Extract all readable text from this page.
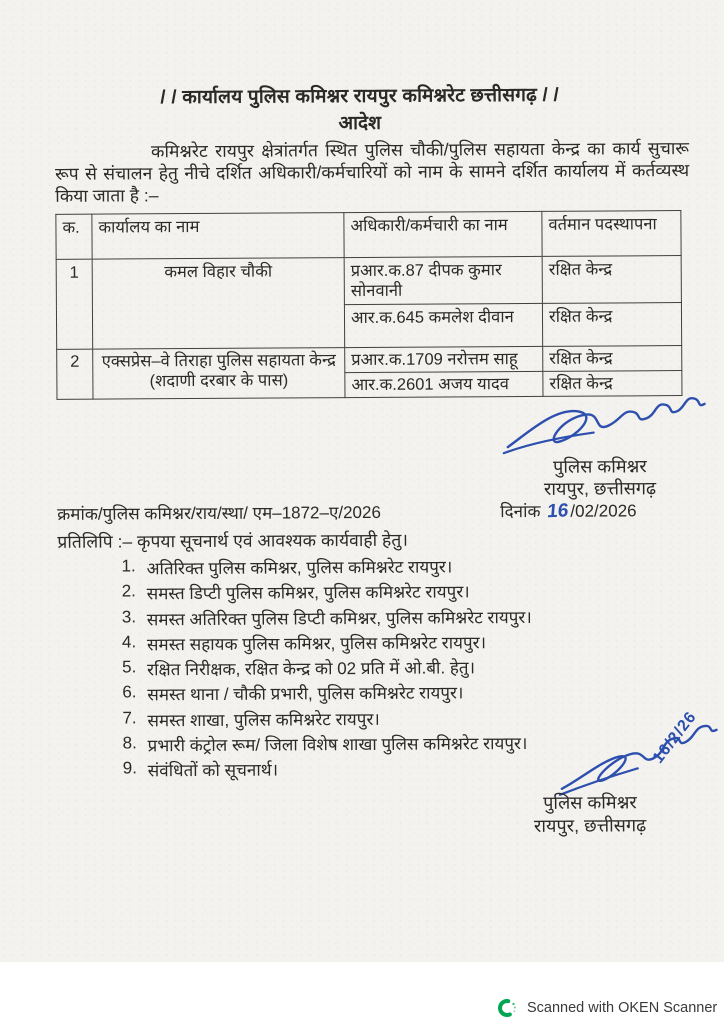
/ / कार्यालय पुलिस कमिश्नर रायपुर कमिश्नरेट छत्तीसगढ़ / /
आदेश
कमिश्नरेट रायपुर क्षेत्रांतर्गत स्थित पुलिस चौकी/पुलिस सहायता केन्द्र का कार्य सुचारू रूप से संचालन हेतु नीचे दर्शित अधिकारी/कर्मचारियों को नाम के सामने दर्शित कार्यालय में कर्तव्यस्थ किया जाता है :–
क.	कार्यालय का नाम	अधिकारी/कर्मचारी का नाम	वर्तमान पदस्थापना
1	कमल विहार चौकी	प्रआर.क.87 दीपक कुमार सोनवानी	रक्षित केन्द्र
		आर.क.645 कमलेश दीवान	रक्षित केन्द्र
2	एक्सप्रेस–वे तिराहा पुलिस सहायता केन्द्र (शदाणी दरबार के पास)	प्रआर.क.1709 नरोत्तम साहू	रक्षित केन्द्र
		आर.क.2601 अजय यादव	रक्षित केन्द्र
पुलिस कमिश्नर
रायपुर, छत्तीसगढ़
क्रमांक/पुलिस कमिश्नर/राय/स्था/ एम–1872–ए/2026	दिनांक 16/02/2026
प्रतिलिपि :– कृपया सूचनार्थ एवं आवश्यक कार्यवाही हेतु।
1. अतिरिक्त पुलिस कमिश्नर, पुलिस कमिश्नरेट रायपुर।
2. समस्त डिप्टी पुलिस कमिश्नर, पुलिस कमिश्नरेट रायपुर।
3. समस्त अतिरिक्त पुलिस डिप्टी कमिश्नर, पुलिस कमिश्नरेट रायपुर।
4. समस्त सहायक पुलिस कमिश्नर, पुलिस कमिश्नरेट रायपुर।
5. रक्षित निरीक्षक, रक्षित केन्द्र को 02 प्रति में ओ.बी. हेतु।
6. समस्त थाना / चौकी प्रभारी, पुलिस कमिश्नरेट रायपुर।
7. समस्त शाखा, पुलिस कमिश्नरेट रायपुर।
8. प्रभारी कंट्रोल रूम/ जिला विशेष शाखा पुलिस कमिश्नरेट रायपुर।
9. संवंधितों को सूचनार्थ।
16/2/26
पुलिस कमिश्नर
रायपुर, छत्तीसगढ़
Scanned with OKEN Scanner
